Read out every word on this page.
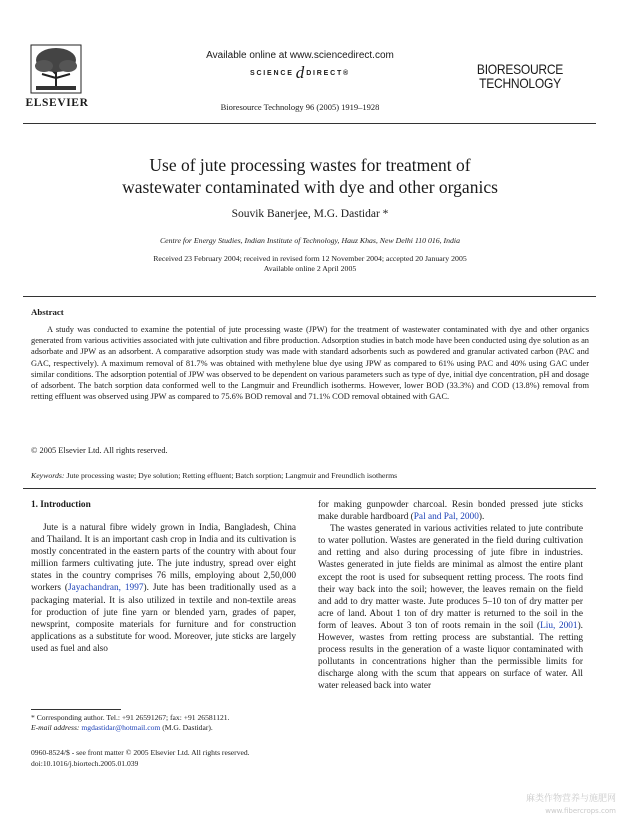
ELSEVIER
Available online at www.sciencedirect.com
SCIENCE d DIRECT®
Bioresource Technology 96 (2005) 1919–1928
BIORESOURCE
TECHNOLOGY
Use of jute processing wastes for treatment of
wastewater contaminated with dye and other organics
Souvik Banerjee, M.G. Dastidar *
Centre for Energy Studies, Indian Institute of Technology, Hauz Khas, New Delhi 110 016, India
Received 23 February 2004; received in revised form 12 November 2004; accepted 20 January 2005
Available online 2 April 2005
Abstract
A study was conducted to examine the potential of jute processing waste (JPW) for the treatment of wastewater contaminated with dye and other organics generated from various activities associated with jute cultivation and fibre production. Adsorption studies in batch mode have been conducted using dye solution as an adsorbate and JPW as an adsorbent. A comparative adsorption study was made with standard adsorbents such as powdered and granular activated carbon (PAC and GAC, respectively). A maximum removal of 81.7% was obtained with methylene blue dye using JPW as compared to 61% using PAC and 40% using GAC under similar conditions. The adsorption potential of JPW was observed to be dependent on various parameters such as type of dye, initial dye concentration, pH and dosage of adsorbent. The batch sorption data conformed well to the Langmuir and Freundlich isotherms. However, lower BOD (33.3%) and COD (13.8%) removal from retting effluent was observed using JPW as compared to 75.6% BOD removal and 71.1% COD removal obtained with GAC.
© 2005 Elsevier Ltd. All rights reserved.
Keywords: Jute processing waste; Dye solution; Retting effluent; Batch sorption; Langmuir and Freundlich isotherms
1. Introduction

Jute is a natural fibre widely grown in India, Bangladesh, China and Thailand. It is an important cash crop in India and its cultivation is mostly concentrated in the eastern parts of the country with about four million farmers cultivating jute. The jute industry, spread over eight states in the country comprises 76 mills, employing about 2,50,000 workers (Jayachandran, 1997). Jute has been traditionally used as a packaging material. It is also utilized in textile and non-textile areas for production of jute fine yarn or blended yarn, grades of paper, newsprint, composite materials for furniture and for construction applications as a substitute for wood. Moreover, jute sticks are largely used as fuel and also

for making gunpowder charcoal. Resin bonded pressed jute sticks make durable hardboard (Pal and Pal, 2000).

The wastes generated in various activities related to jute contribute to water pollution. Wastes are generated in the field during cultivation and retting and also during processing of jute fibre in industries. Wastes generated in jute fields are minimal as almost the entire plant except the root is used for subsequent retting process. The roots find their way back into the soil; however, the leaves remain on the field and add to dry matter waste. Jute produces 5–10 ton of dry matter per acre of land. About 1 ton of dry matter is returned to the soil in the form of leaves. About 3 ton of roots remain in the soil (Liu, 2001). However, wastes from retting process are substantial. The retting process results in the generation of a waste liquor contaminated with pollutants in concentrations higher than the permissible limits for discharge along with the scum that appears on surface of water. All water released back into water

* Corresponding author. Tel.: +91 26591267; fax: +91 26581121.
E-mail address: mgdastidar@hotmail.com (M.G. Dastidar).
0960-8524/$ - see front matter © 2005 Elsevier Ltd. All rights reserved.
doi:10.1016/j.biortech.2005.01.039
麻类作物营养与施肥网
www.fibercrops.com
